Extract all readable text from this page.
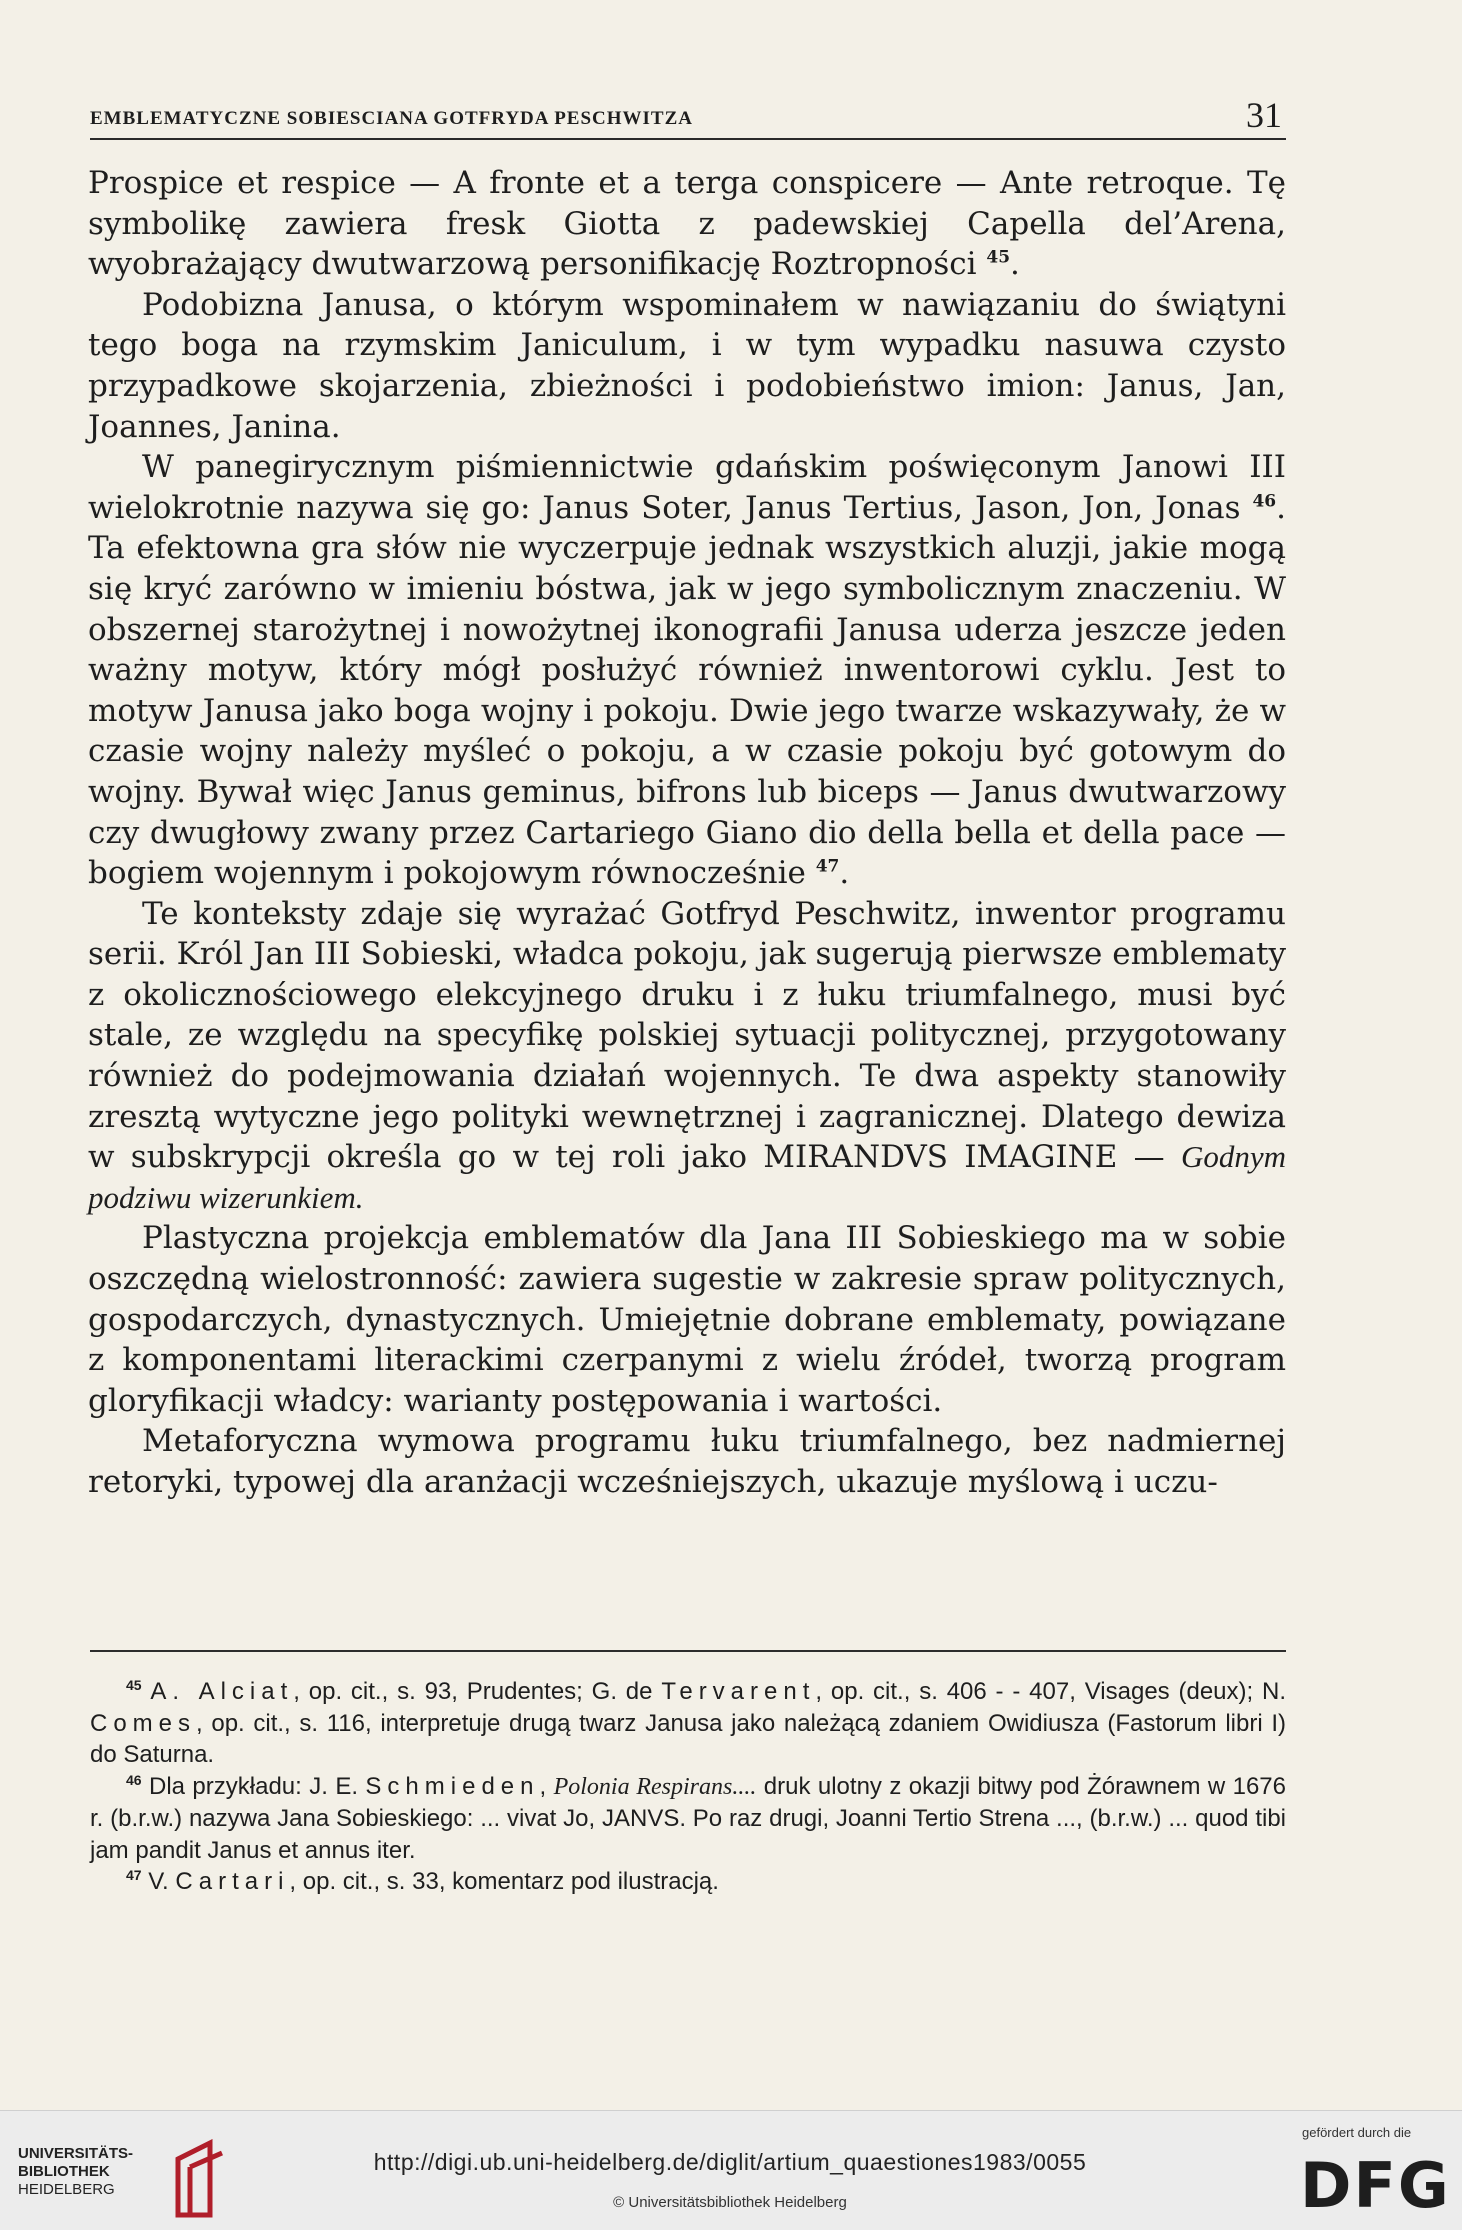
EMBLEMATYCZNE SOBIESCIANA GOTFRYDA PESCHWITZA	31

Prospice et respice — A fronte et a terga conspicere — Ante retroque. Tę symbolikę zawiera fresk Giotta z padewskiej Capella del’Arena, wyobrażający dwutwarzową personifikację Roztropności $^{45}$.

Podobizna Janusa, o którym wspominałem w nawiązaniu do świątyni tego boga na rzymskim Janiculum, i w tym wypadku nasuwa czysto przypadkowe skojarzenia, zbieżności i podobieństwo imion: Janus, Jan, Joannes, Janina.

W panegirycznym piśmiennictwie gdańskim poświęconym Janowi III wielokrotnie nazywa się go: Janus Soter, Janus Tertius, Jason, Jon, Jonas $^{46}$. Ta efektowna gra słów nie wyczerpuje jednak wszystkich aluzji, jakie mogą się kryć zarówno w imieniu bóstwa, jak w jego symbolicznym znaczeniu. W obszernej starożytnej i nowożytnej ikonografii Janusa uderza jeszcze jeden ważny motyw, który mógł posłużyć również inwentorowi cyklu. Jest to motyw Janusa jako boga wojny i pokoju. Dwie jego twarze wskazywały, że w czasie wojny należy myśleć o pokoju, a w czasie pokoju być gotowym do wojny. Bywał więc Janus geminus, bifrons lub biceps — Janus dwutwarzowy czy dwugłowy zwany przez Cartariego Giano dio della bella et della pace — bogiem wojennym i pokojowym równocześnie $^{47}$.

Te konteksty zdaje się wyrażać Gotfryd Peschwitz, inwentor programu serii. Król Jan III Sobieski, władca pokoju, jak sugerują pierwsze emblematy z okolicznościowego elekcyjnego druku i z łuku triumfalnego, musi być stale, ze względu na specyfikę polskiej sytuacji politycznej, przygotowany również do podejmowania działań wojennych. Te dwa aspekty stanowiły zresztą wytyczne jego polityki wewnętrznej i zagranicznej. Dlatego dewiza w subskrypcji określa go w tej roli jako MIRANDVS IMAGINE — Godnym podziwu wizerunkiem.

Plastyczna projekcja emblematów dla Jana III Sobieskiego ma w sobie oszczędną wielostronność: zawiera sugestie w zakresie spraw politycznych, gospodarczych, dynastycznych. Umiejętnie dobrane emblematy, powiązane z komponentami literackimi czerpanymi z wielu źródeł, tworzą program gloryfikacji władcy: warianty postępowania i wartości.

Metaforyczna wymowa programu łuku triumfalnego, bez nadmiernej retoryki, typowej dla aranżacji wcześniejszych, ukazuje myślową i uczu-

$^{45}$ A. Alciat, op. cit., s. 93, Prudentes; G. de Tervarent, op. cit., s. 406 - - 407, Visages (deux); N. Comes, op. cit., s. 116, interpretuje drugą twarz Janusa jako należącą zdaniem Owidiusza (Fastorum libri I) do Saturna.

$^{46}$ Dla przykładu: J. E. Schmieden, Polonia Respirans.... druk ulotny z okazji bitwy pod Żórawnem w 1676 r. (b.r.w.) nazywa Jana Sobieskiego: ... vivat Jo, JANVS. Po raz drugi, Joanni Tertio Strena ..., (b.r.w.) ... quod tibi jam pandit Janus et annus iter.

$^{47}$ V. Cartari, op. cit., s. 33, komentarz pod ilustracją.

UNIVERSITÄTS-
BIBLIOTHEK
HEIDELBERG
http://digi.ub.uni-heidelberg.de/diglit/artium_quaestiones1983/0055
© Universitätsbibliothek Heidelberg
gefördert durch die
DFG
